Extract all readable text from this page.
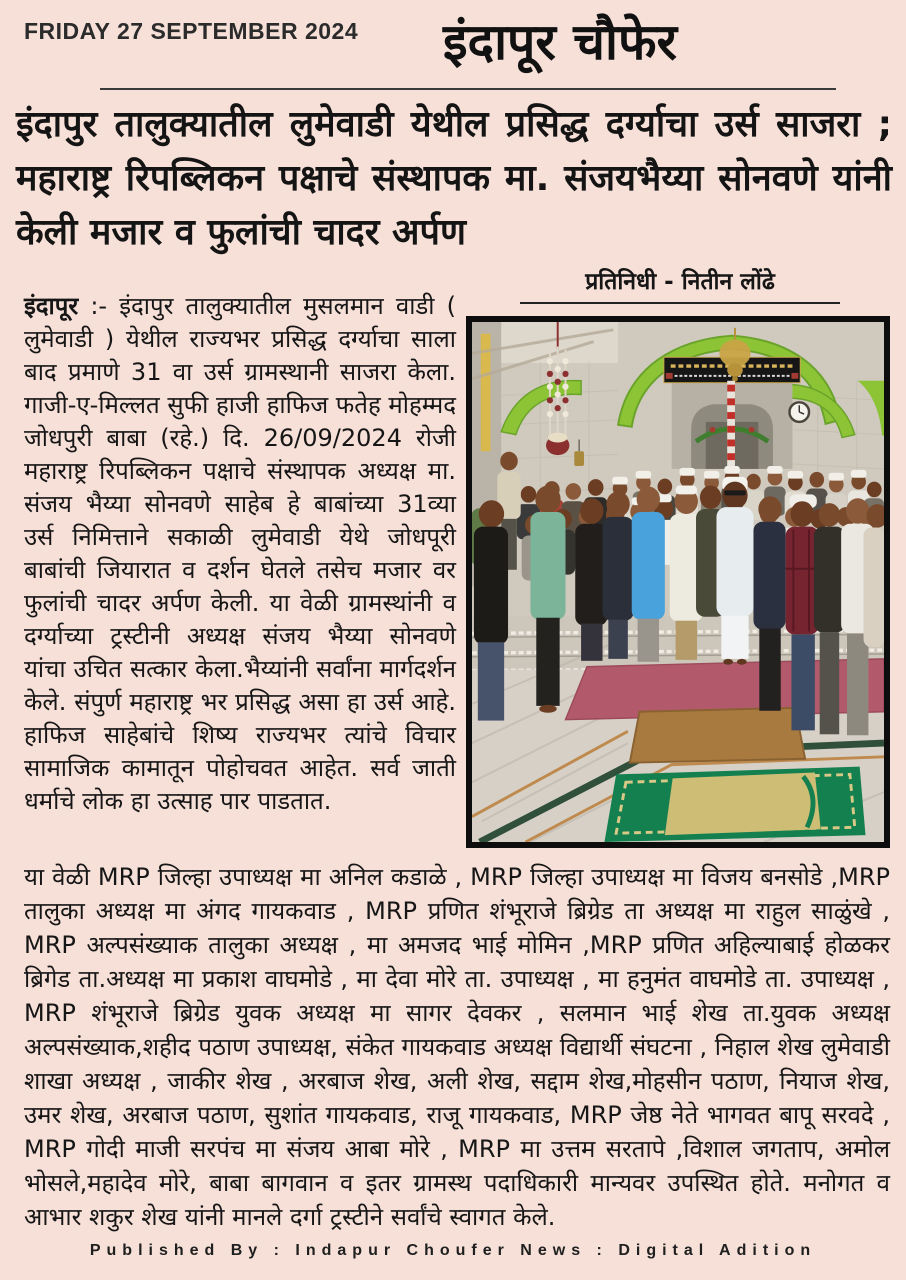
FRIDAY 27 SEPTEMBER 2024	इंदापूर चौफेर
इंदापुर तालुक्यातील लुमेवाडी येथील प्रसिद्ध दर्ग्याचा उर्स साजरा ; महाराष्ट्र रिपब्लिकन पक्षाचे संस्थापक मा. संजयभैय्या सोनवणे यांनी केली मजार व फुलांची चादर अर्पण
प्रतिनिधी - नितीन लोंढे
इंदापूर :- इंदापुर तालुक्यातील मुसलमान वाडी ( लुमेवाडी ) येथील राज्यभर प्रसिद्ध दर्ग्याचा साला बाद प्रमाणे 31 वा उर्स ग्रामस्थानी साजरा केला. गाजी-ए-मिल्लत सुफी हाजी हाफिज फतेह मोहम्मद जोधपुरी बाबा (रहे.) दि. 26/09/2024 रोजी महाराष्ट्र रिपब्लिकन पक्षाचे संस्थापक अध्यक्ष मा. संजय भैय्या सोनवणे साहेब हे बाबांच्या 31व्या उर्स निमित्ताने सकाळी लुमेवाडी येथे जोधपूरी बाबांची जियारात व दर्शन घेतले तसेच मजार वर फुलांची चादर अर्पण केली. या वेळी ग्रामस्थांनी व दर्ग्याच्या ट्रस्टीनी अध्यक्ष संजय भैय्या सोनवणे यांचा उचित सत्कार केला.भैय्यांनी सर्वांना मार्गदर्शन केले. संपुर्ण महाराष्ट्र भर प्रसिद्ध असा हा उर्स आहे. हाफिज साहेबांचे शिष्य राज्यभर त्यांचे विचार सामाजिक कामातून पोहोचवत आहेत. सर्व जाती धर्माचे लोक हा उत्साह पार पाडतात.
या वेळी MRP जिल्हा उपाध्यक्ष मा अनिल कडाळे , MRP जिल्हा उपाध्यक्ष मा विजय बनसोडे ,MRP तालुका अध्यक्ष मा अंगद गायकवाड , MRP प्रणित शंभूराजे ब्रिग्रेड ता अध्यक्ष मा राहुल साळुंखे , MRP अल्पसंख्याक तालुका अध्यक्ष , मा अमजद भाई मोमिन ,MRP प्रणित अहिल्याबाई होळकर ब्रिगेड ता.अध्यक्ष मा प्रकाश वाघमोडे , मा देवा मोरे ता. उपाध्यक्ष , मा हनुमंत वाघमोडे ता. उपाध्यक्ष , MRP शंभूराजे ब्रिग्रेड युवक अध्यक्ष मा सागर देवकर , सलमान भाई शेख ता.युवक अध्यक्ष अल्पसंख्याक,शहीद पठाण उपाध्यक्ष, संकेत गायकवाड अध्यक्ष विद्यार्थी संघटना , निहाल शेख लुमेवाडी शाखा अध्यक्ष , जाकीर शेख , अरबाज शेख, अली शेख, सद्दाम शेख,मोहसीन पठाण, नियाज शेख, उमर शेख, अरबाज पठाण, सुशांत गायकवाड, राजू गायकवाड, MRP जेष्ठ नेते भागवत बापू सरवदे , MRP गोदी माजी सरपंच मा संजय आबा मोरे , MRP मा उत्तम सरतापे ,विशाल जगताप, अमोल भोसले,महादेव मोरे, बाबा बागवान व इतर ग्रामस्थ पदाधिकारी मान्यवर उपस्थित होते. मनोगत व आभार शकुर शेख यांनी मानले दर्गा ट्रस्टीने सर्वांचे स्वागत केले.
Published By : Indapur Choufer News : Digital Adition
